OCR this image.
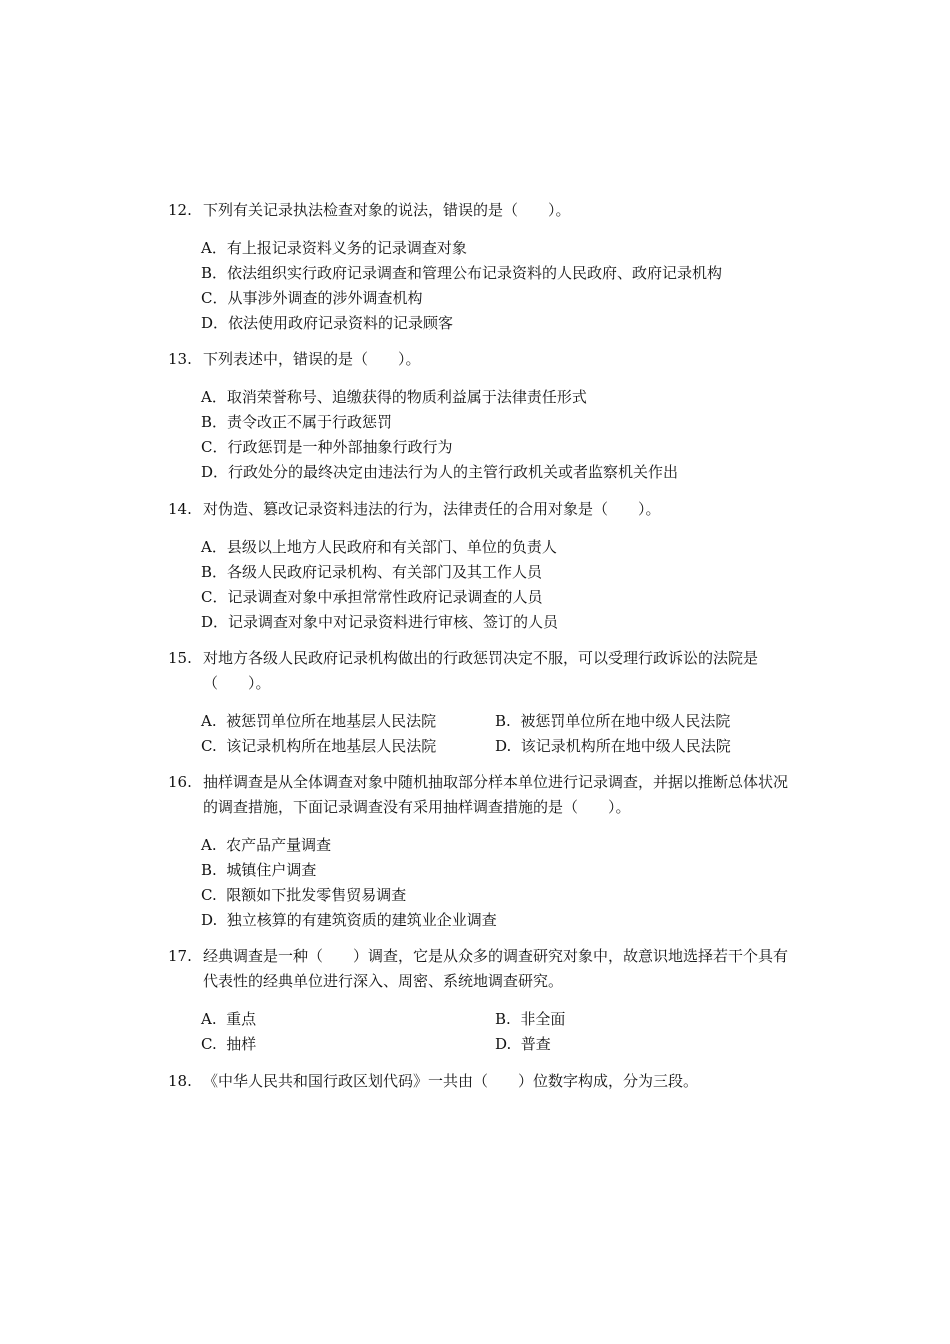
12. 下列有关记录执法检查对象的说法，错误的是（　　）。
A．有上报记录资料义务的记录调查对象
B．依法组织实行政府记录调查和管理公布记录资料的人民政府、政府记录机构
C．从事涉外调查的涉外调查机构
D．依法使用政府记录资料的记录顾客
13. 下列表述中，错误的是（　　）。
A．取消荣誉称号、追缴获得的物质利益属于法律责任形式
B．责令改正不属于行政惩罚
C．行政惩罚是一种外部抽象行政行为
D．行政处分的最终决定由违法行为人的主管行政机关或者监察机关作出
14. 对伪造、篡改记录资料违法的行为，法律责任的合用对象是（　　）。
A．县级以上地方人民政府和有关部门、单位的负责人
B．各级人民政府记录机构、有关部门及其工作人员
C．记录调查对象中承担常常性政府记录调查的人员
D．记录调查对象中对记录资料进行审核、签订的人员
15. 对地方各级人民政府记录机构做出的行政惩罚决定不服，可以受理行政诉讼的法院是（　　）。
A.  被惩罚单位所在地基层人民法院	B.  被惩罚单位所在地中级人民法院
C.  该记录机构所在地基层人民法院	D.  该记录机构所在地中级人民法院
16. 抽样调查是从全体调查对象中随机抽取部分样本单位进行记录调查，并据以推断总体状况的调查措施，下面记录调查没有采用抽样调查措施的是（　　）。
A.  农产品产量调查
B.  城镇住户调查
C.  限额如下批发零售贸易调查
D.  独立核算的有建筑资质的建筑业企业调查
17. 经典调查是一种（　　）调查，它是从众多的调查研究对象中，故意识地选择若干个具有代表性的经典单位进行深入、周密、系统地调查研究。
A.  重点	B.  非全面
C.  抽样	D.  普查
18. 《中华人民共和国行政区划代码》一共由（　　）位数字构成，分为三段。
